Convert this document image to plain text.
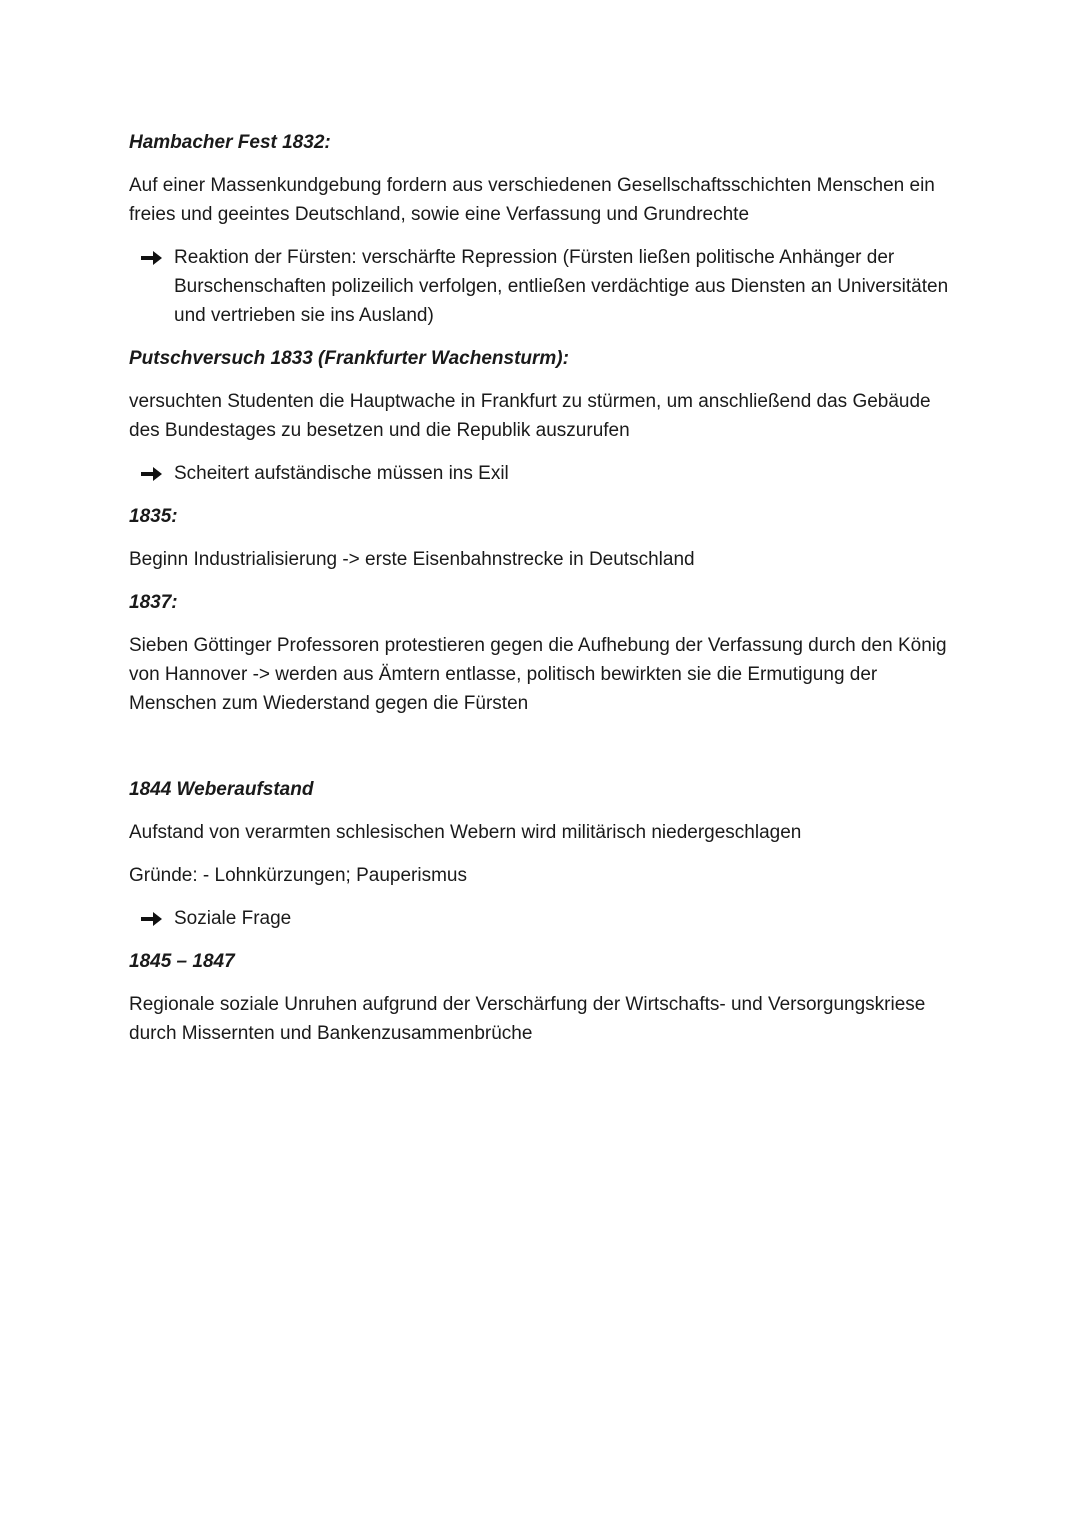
Hambacher Fest 1832:

Auf einer Massenkundgebung fordern aus verschiedenen Gesellschaftsschichten Menschen ein freies und geeintes Deutschland, sowie eine Verfassung und Grundrechte

Reaktion der Fürsten: verschärfte Repression (Fürsten ließen politische Anhänger der Burschenschaften polizeilich verfolgen, entließen verdächtige aus Diensten an Universitäten und vertrieben sie ins Ausland)

Putschversuch 1833 (Frankfurter Wachensturm):

versuchten Studenten die Hauptwache in Frankfurt zu stürmen, um anschließend das Gebäude des Bundestages zu besetzen und die Republik auszurufen

Scheitert aufständische müssen ins Exil

1835:

Beginn Industrialisierung -> erste Eisenbahnstrecke in Deutschland

1837:

Sieben Göttinger Professoren protestieren gegen die Aufhebung der Verfassung durch den König von Hannover -> werden aus Ämtern entlasse, politisch bewirkten sie die Ermutigung der Menschen zum Wiederstand gegen die Fürsten

1844 Weberaufstand

Aufstand von verarmten schlesischen Webern wird militärisch niedergeschlagen

Gründe: - Lohnkürzungen; Pauperismus

Soziale Frage

1845 – 1847

Regionale soziale Unruhen aufgrund der Verschärfung der Wirtschafts- und Versorgungskriese durch Missernten und Bankenzusammenbrüche
